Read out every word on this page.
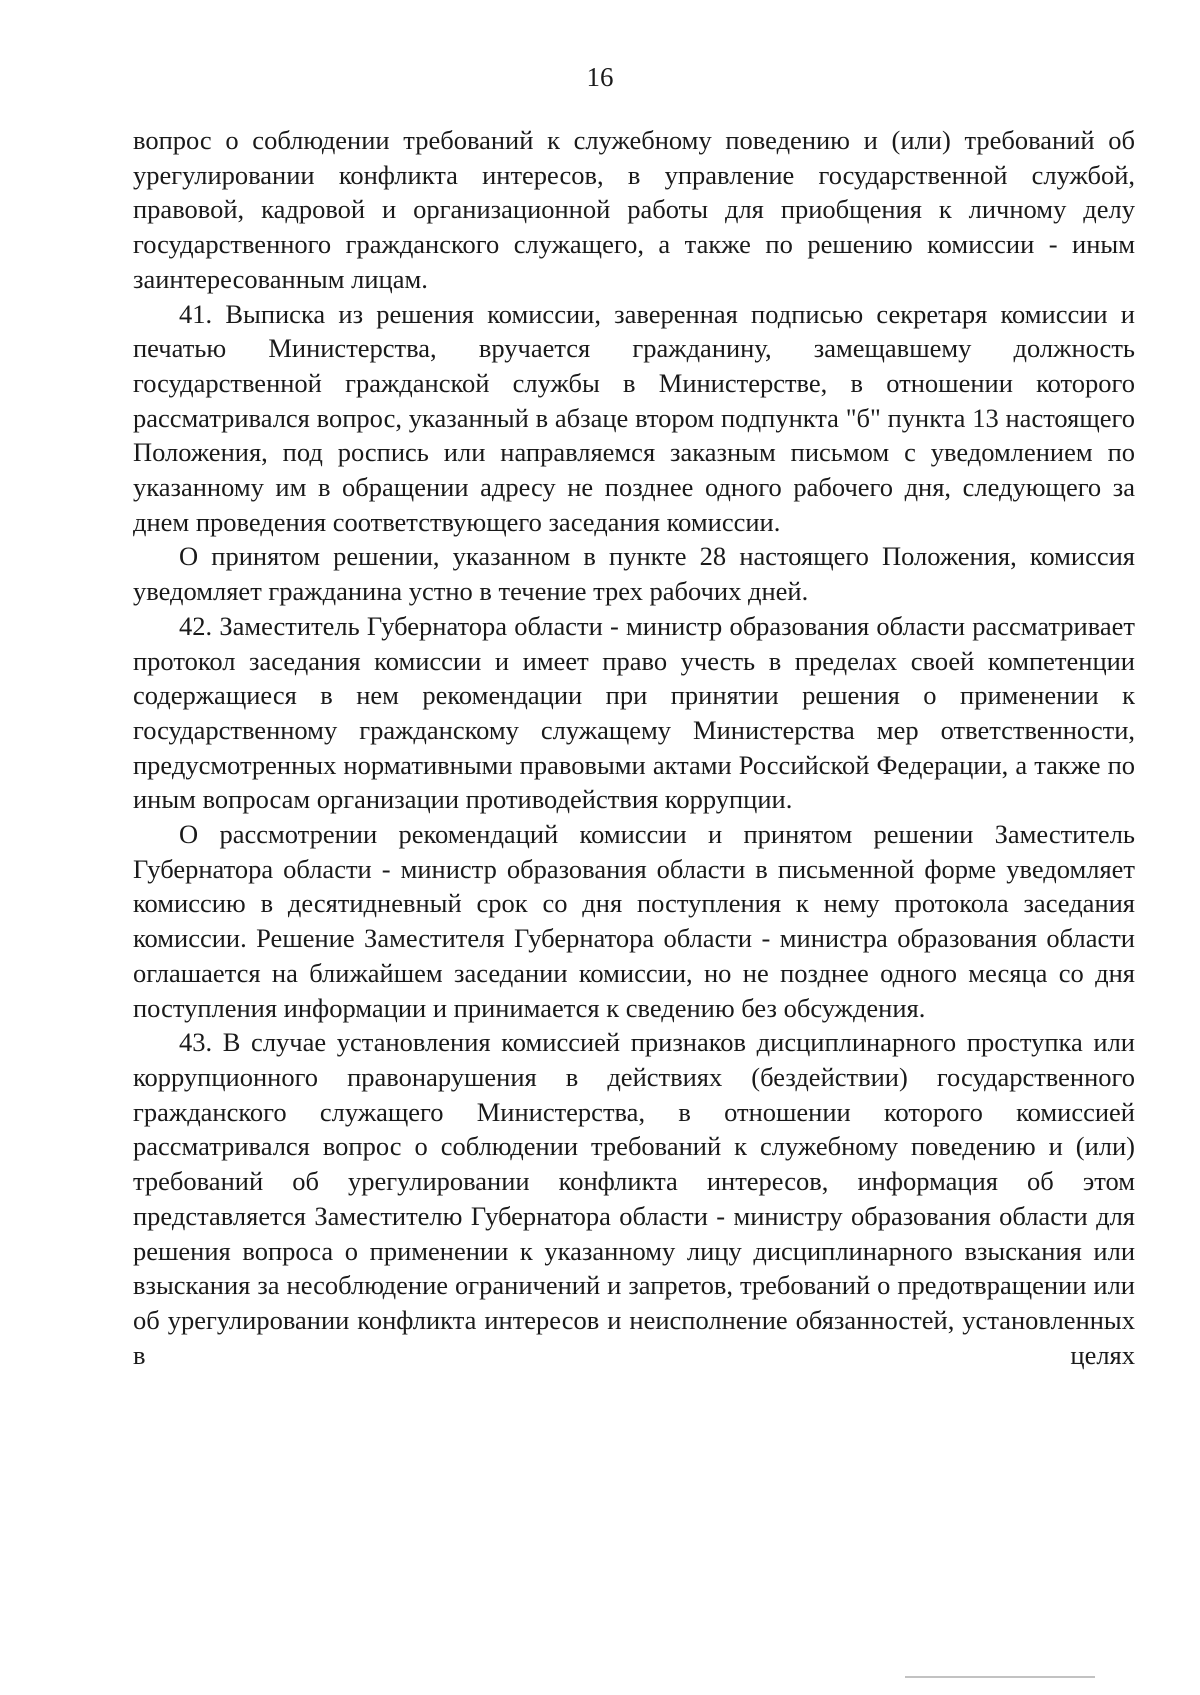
16

вопрос о соблюдении требований к служебному поведению и (или) требований об урегулировании конфликта интересов, в управление государственной службой, правовой, кадровой и организационной работы для приобщения к личному делу государственного гражданского служащего, а также по решению комиссии - иным заинтересованным лицам.

41. Выписка из решения комиссии, заверенная подписью секретаря комиссии и печатью Министерства, вручается гражданину, замещавшему должность государственной гражданской службы в Министерстве, в отношении которого рассматривался вопрос, указанный в абзаце втором подпункта "б" пункта 13 настоящего Положения, под роспись или направляемся заказным письмом с уведомлением по указанному им в обращении адресу не позднее одного рабочего дня, следующего за днем проведения соответствующего заседания комиссии.

О принятом решении, указанном в пункте 28 настоящего Положения, комиссия уведомляет гражданина устно в течение трех рабочих дней.

42. Заместитель Губернатора области - министр образования области рассматривает протокол заседания комиссии и имеет право учесть в пределах своей компетенции содержащиеся в нем рекомендации при принятии решения о применении к государственному гражданскому служащему Министерства мер ответственности, предусмотренных нормативными правовыми актами Российской Федерации, а также по иным вопросам организации противодействия коррупции.

О рассмотрении рекомендаций комиссии и принятом решении Заместитель Губернатора области - министр образования области в письменной форме уведомляет комиссию в десятидневный срок со дня поступления к нему протокола заседания комиссии. Решение Заместителя Губернатора области - министра образования области оглашается на ближайшем заседании комиссии, но не позднее одного месяца со дня поступления информации и принимается к сведению без обсуждения.

43. В случае установления комиссией признаков дисциплинарного проступка или коррупционного правонарушения в действиях (бездействии) государственного гражданского служащего Министерства, в отношении которого комиссией рассматривался вопрос о соблюдении требований к служебному поведению и (или) требований об урегулировании конфликта интересов, информация об этом представляется Заместителю Губернатора области - министру образования области для решения вопроса о применении к указанному лицу дисциплинарного взыскания или взыскания за несоблюдение ограничений и запретов, требований о предотвращении или об урегулировании конфликта интересов и неисполнение обязанностей, установленных в целях
